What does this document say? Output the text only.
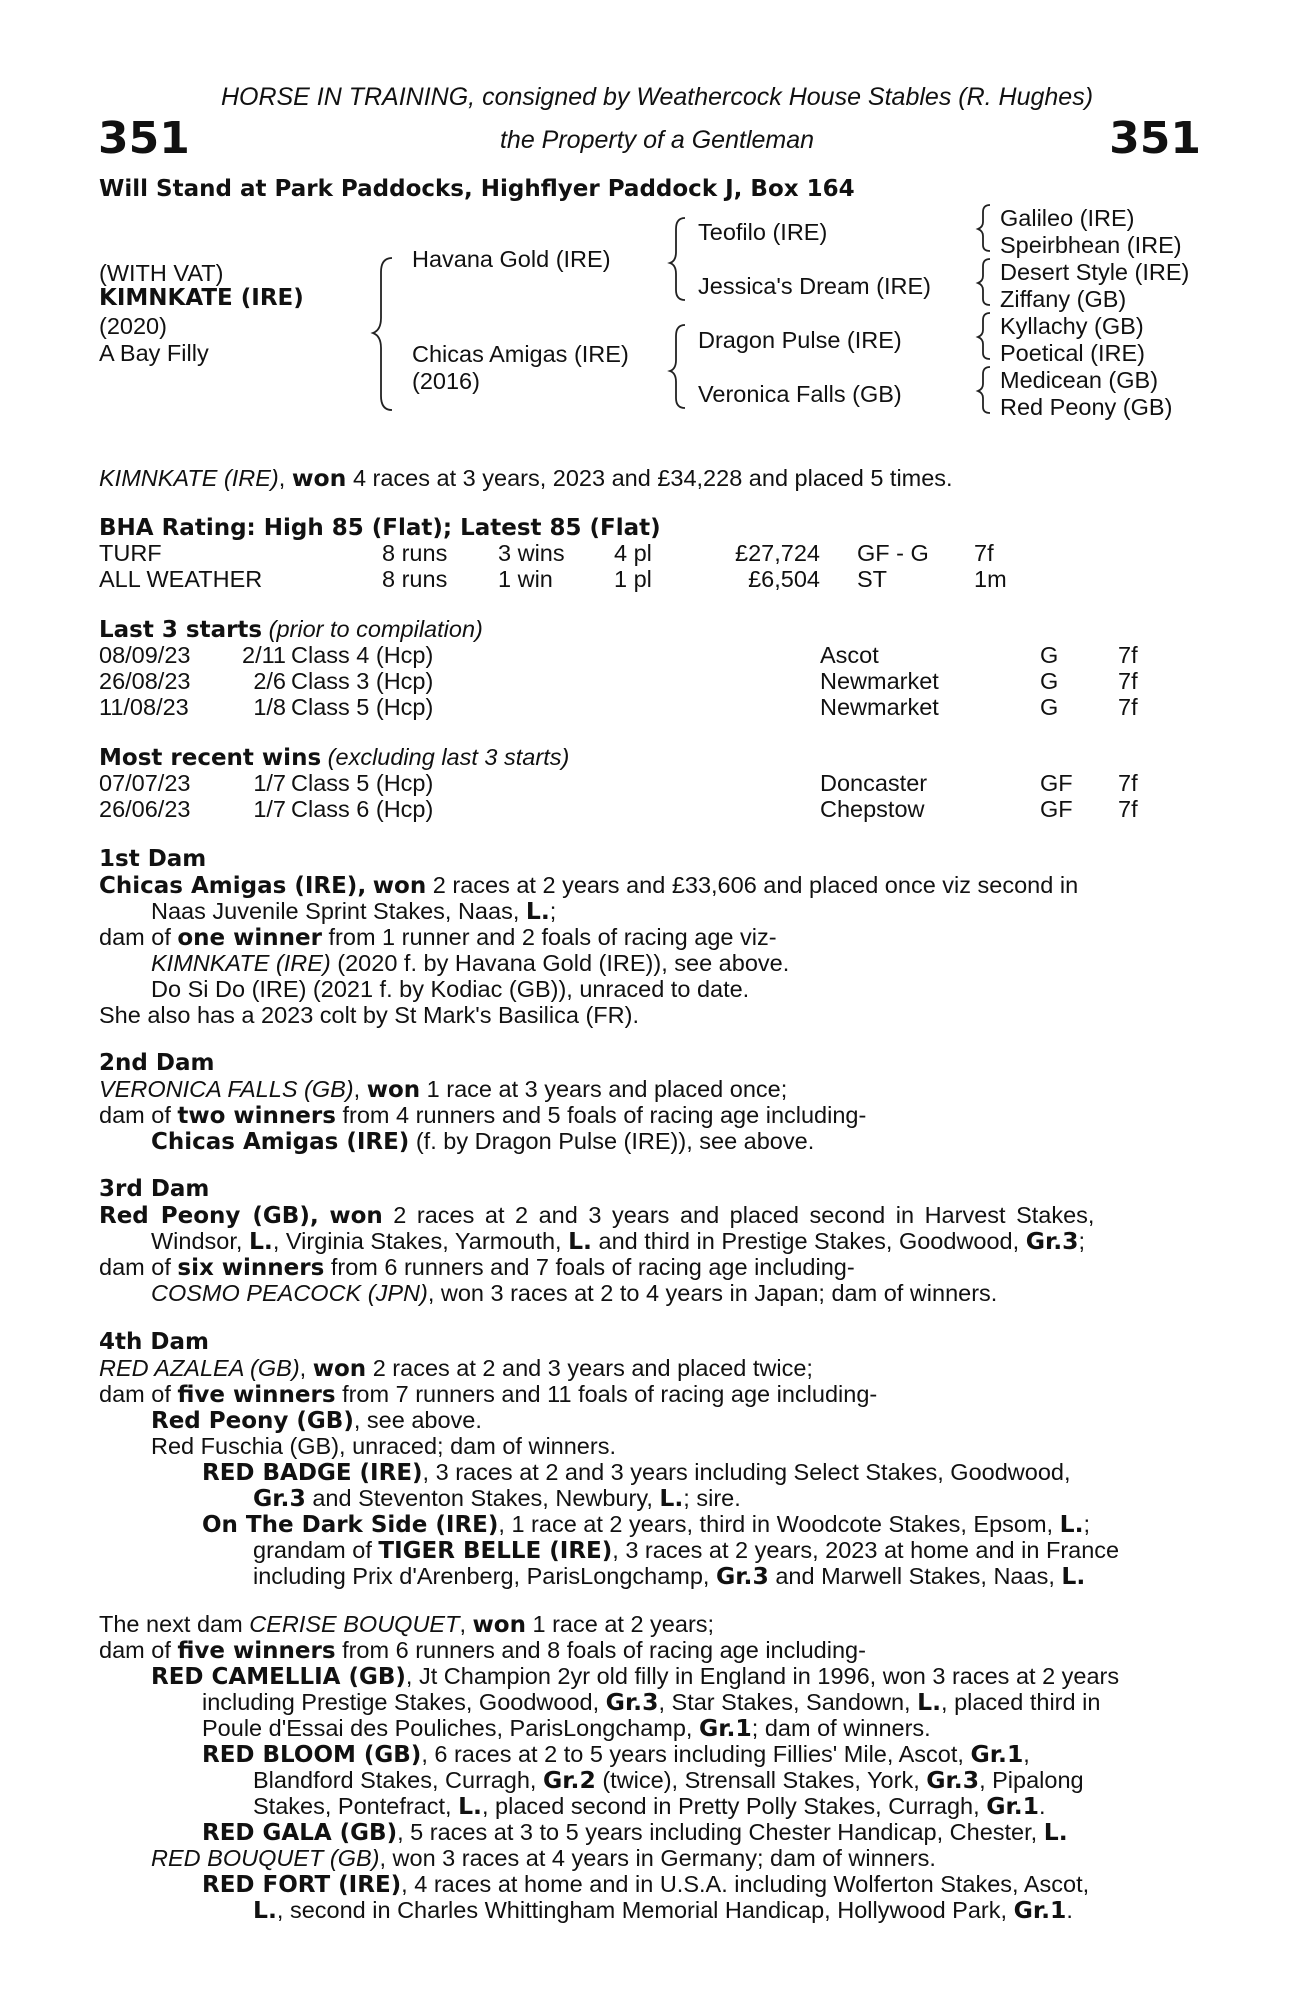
HORSE IN TRAINING, consigned by Weathercock House Stables (R. Hughes)
351	351
the Property of a Gentleman
Will Stand at Park Paddocks, Highflyer Paddock J, Box 164
(WITH VAT)
KIMNKATE (IRE)
(2020)
A Bay Filly
Havana Gold (IRE)
Chicas Amigas (IRE)
(2016)
Teofilo (IRE)
Jessica's Dream (IRE)
Dragon Pulse (IRE)
Veronica Falls (GB)
Galileo (IRE)
Speirbhean (IRE)
Desert Style (IRE)
Ziffany (GB)
Kyllachy (GB)
Poetical (IRE)
Medicean (GB)
Red Peony (GB)
KIMNKATE (IRE), won 4 races at 3 years, 2023 and £34,228 and placed 5 times.
BHA Rating: High 85 (Flat); Latest 85 (Flat)
TURF	8 runs 3 wins 4 pl	£27,724 GF - G 7f
ALL WEATHER	8 runs 1 win	1 pl	£6,504 ST	1m
Last 3 starts (prior to compilation)
08/09/23 2/11 Class 4 (Hcp)	Ascot	G	7f
26/08/23	2/6 Class 3 (Hcp)	Newmarket	G	7f
11/08/23	1/8 Class 5 (Hcp)	Newmarket	G	7f
Most recent wins (excluding last 3 starts)
07/07/23	1/7 Class 5 (Hcp)	Doncaster	GF 7f
26/06/23	1/7 Class 6 (Hcp)	Chepstow	GF 7f
1st Dam
Chicas Amigas (IRE), won 2 races at 2 years and £33,606 and placed once viz second in
Naas Juvenile Sprint Stakes, Naas, L.;
dam of one winner from 1 runner and 2 foals of racing age viz-
KIMNKATE (IRE) (2020 f. by Havana Gold (IRE)), see above.
Do Si Do (IRE) (2021 f. by Kodiac (GB)), unraced to date.
She also has a 2023 colt by St Mark's Basilica (FR).
2nd Dam
VERONICA FALLS (GB), won 1 race at 3 years and placed once;
dam of two winners from 4 runners and 5 foals of racing age including-
Chicas Amigas (IRE) (f. by Dragon Pulse (IRE)), see above.
3rd Dam
Red Peony (GB), won 2 races at 2 and 3 years and placed second in Harvest Stakes,
Windsor, L., Virginia Stakes, Yarmouth, L. and third in Prestige Stakes, Goodwood, Gr.3;
dam of six winners from 6 runners and 7 foals of racing age including-
COSMO PEACOCK (JPN), won 3 races at 2 to 4 years in Japan; dam of winners.
4th Dam
RED AZALEA (GB), won 2 races at 2 and 3 years and placed twice;
dam of five winners from 7 runners and 11 foals of racing age including-
Red Peony (GB), see above.
Red Fuschia (GB), unraced; dam of winners.
RED BADGE (IRE), 3 races at 2 and 3 years including Select Stakes, Goodwood,
Gr.3 and Steventon Stakes, Newbury, L.; sire.
On The Dark Side (IRE), 1 race at 2 years, third in Woodcote Stakes, Epsom, L.;
grandam of TIGER BELLE (IRE), 3 races at 2 years, 2023 at home and in France
including Prix d'Arenberg, ParisLongchamp, Gr.3 and Marwell Stakes, Naas, L.
The next dam CERISE BOUQUET, won 1 race at 2 years;
dam of five winners from 6 runners and 8 foals of racing age including-
RED CAMELLIA (GB), Jt Champion 2yr old filly in England in 1996, won 3 races at 2 years
including Prestige Stakes, Goodwood, Gr.3, Star Stakes, Sandown, L., placed third in
Poule d'Essai des Pouliches, ParisLongchamp, Gr.1; dam of winners.
RED BLOOM (GB), 6 races at 2 to 5 years including Fillies' Mile, Ascot, Gr.1,
Blandford Stakes, Curragh, Gr.2 (twice), Strensall Stakes, York, Gr.3, Pipalong
Stakes, Pontefract, L., placed second in Pretty Polly Stakes, Curragh, Gr.1.
RED GALA (GB), 5 races at 3 to 5 years including Chester Handicap, Chester, L.
RED BOUQUET (GB), won 3 races at 4 years in Germany; dam of winners.
RED FORT (IRE), 4 races at home and in U.S.A. including Wolferton Stakes, Ascot,
L., second in Charles Whittingham Memorial Handicap, Hollywood Park, Gr.1.
